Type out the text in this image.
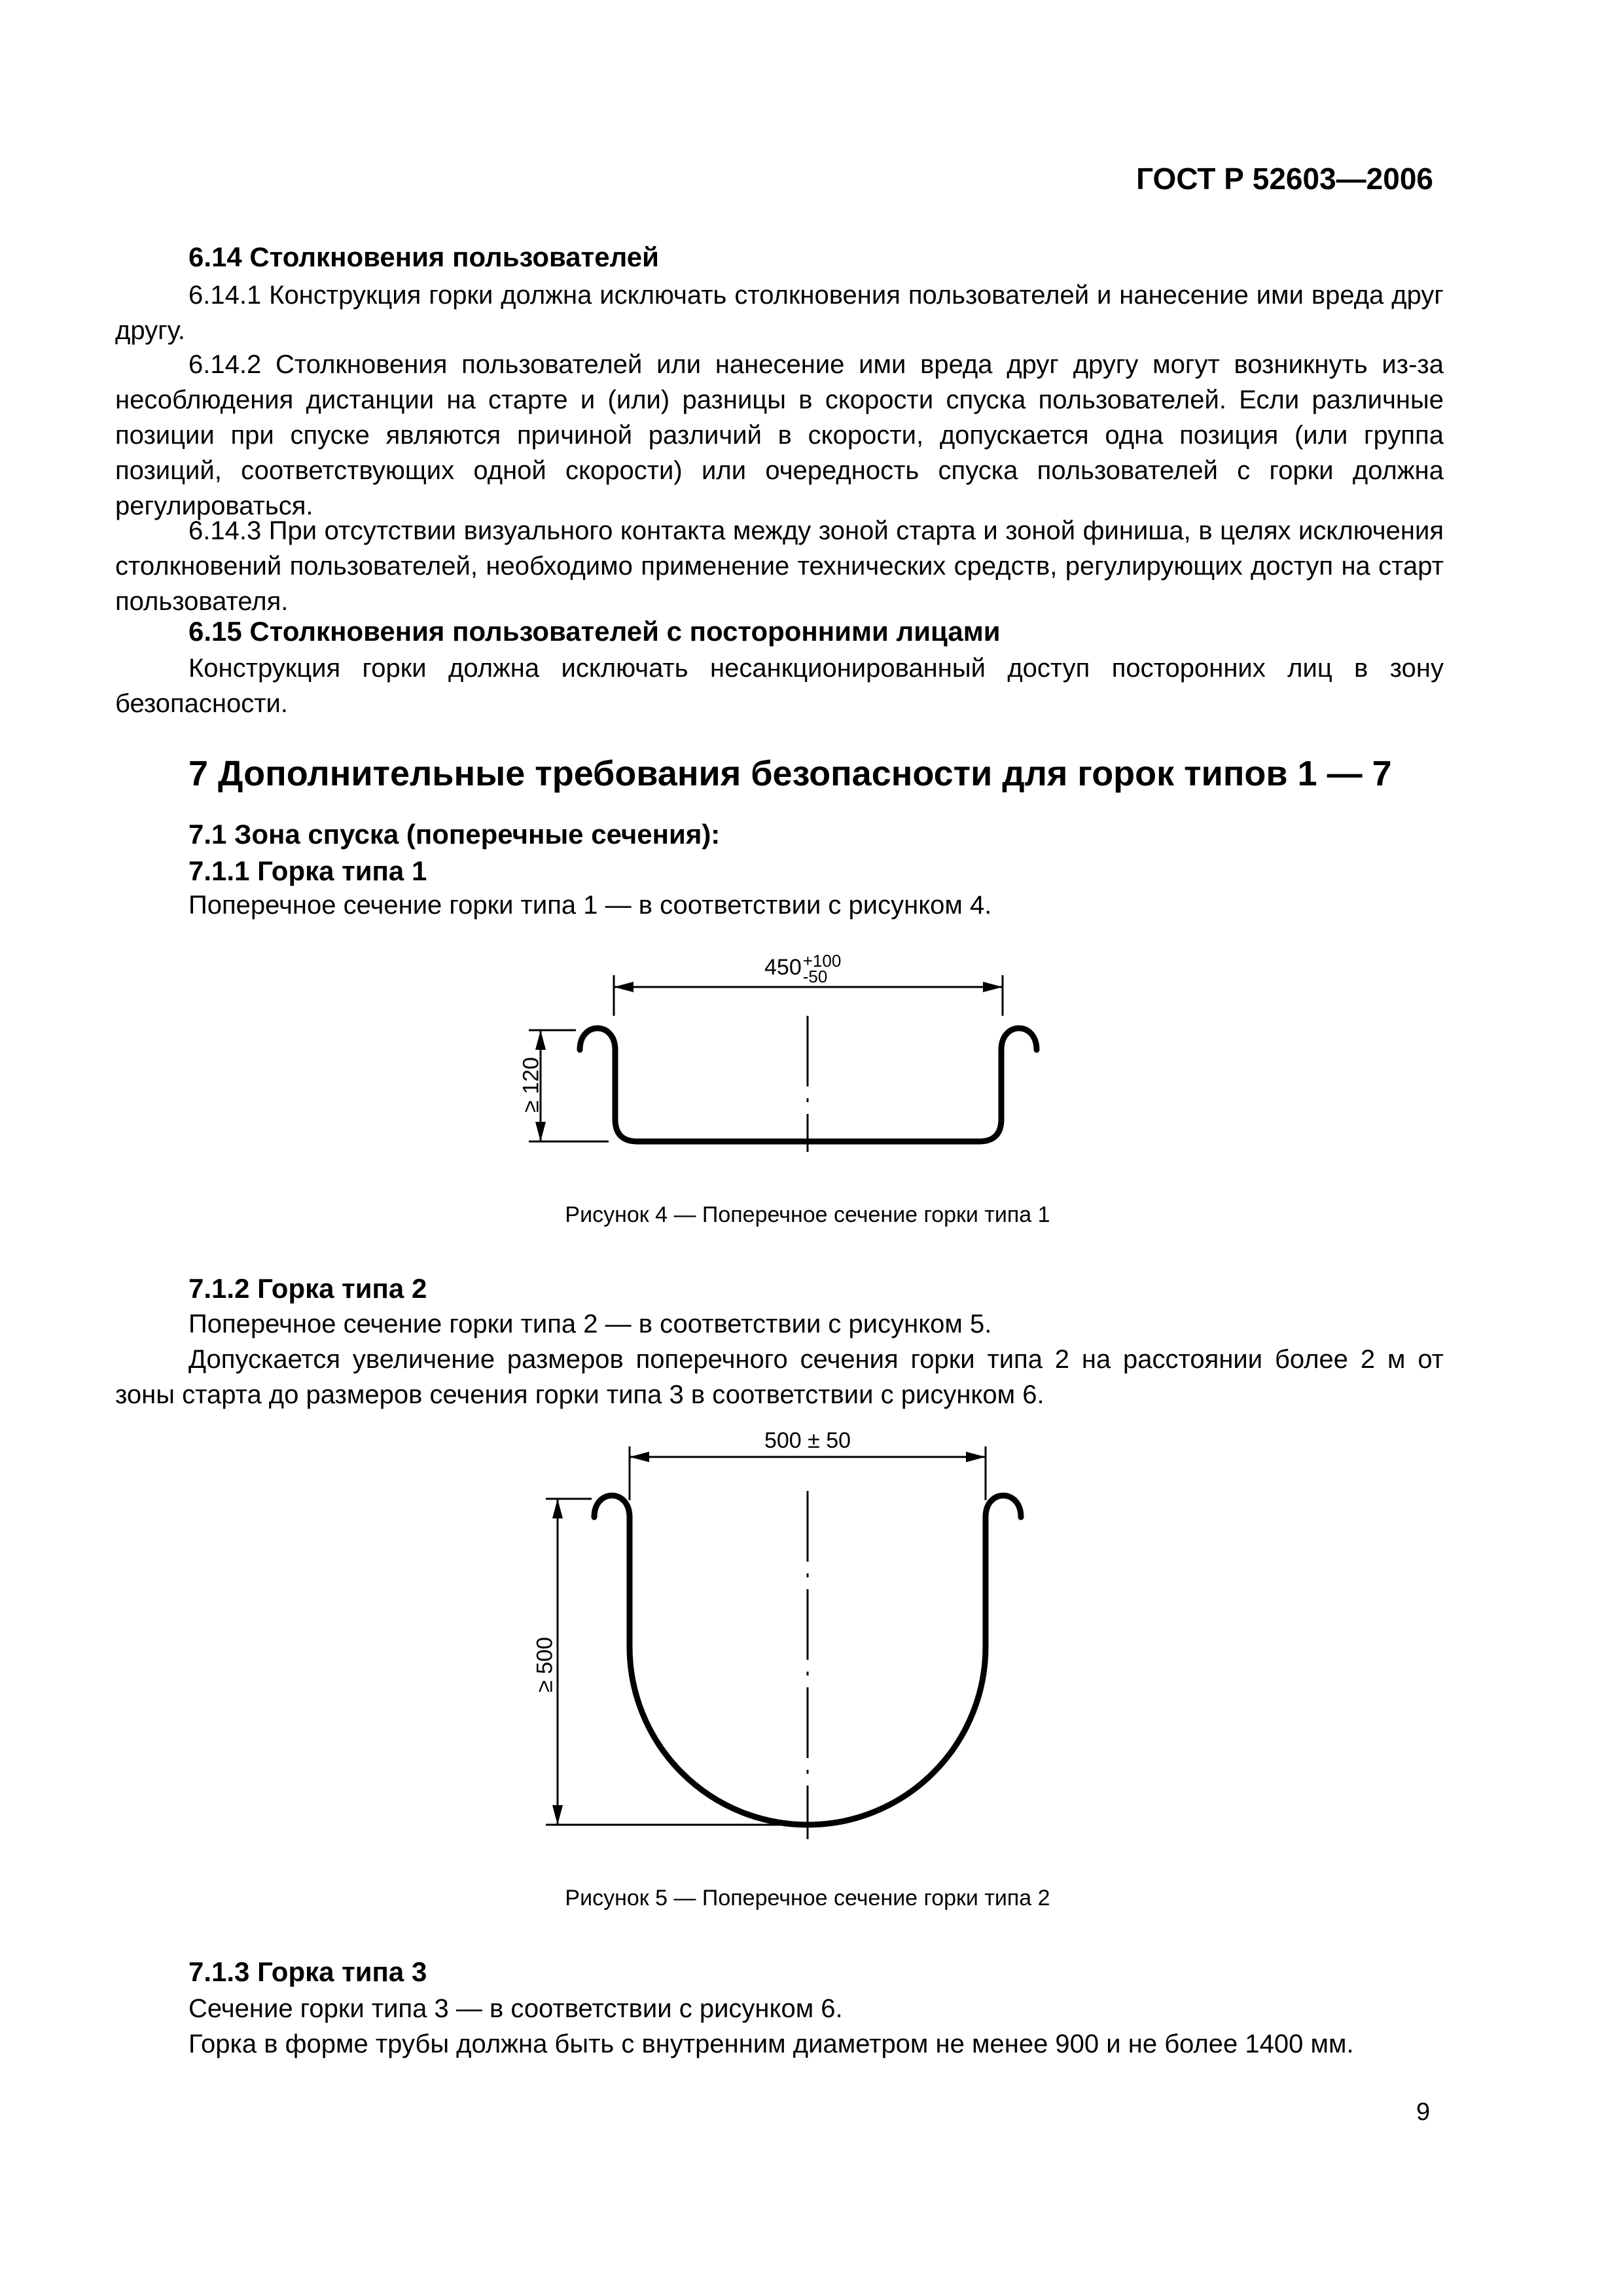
ГОСТ Р 52603—2006
6.14 Столкновения пользователей
6.14.1 Конструкция горки должна исключать столкновения пользователей и нанесение ими вреда друг другу.
6.14.2 Столкновения пользователей или нанесение ими вреда друг другу могут возникнуть из-за несоблюдения дистанции на старте и (или) разницы в скорости спуска пользователей. Если различные позиции при спуске являются причиной различий в скорости, допускается одна позиция (или группа позиций, соответствующих одной скорости) или очередность спуска пользователей с горки должна регулироваться.
6.14.3 При отсутствии визуального контакта между зоной старта и зоной финиша, в целях исключения столкновений пользователей, необходимо применение технических средств, регулирующих доступ на старт пользователя.
6.15 Столкновения пользователей с посторонними лицами
Конструкция горки должна исключать несанкционированный доступ посторонних лиц в зону безопасности.
7 Дополнительные требования безопасности для горок типов 1 — 7
7.1 Зона спуска (поперечные сечения):
7.1.1 Горка типа 1
Поперечное сечение горки типа 1 — в соответствии с рисунком 4.
450 +100
-50
≥ 120
Рисунок 4 — Поперечное сечение горки типа 1
7.1.2 Горка типа 2
Поперечное сечение горки типа 2 — в соответствии с рисунком 5.
Допускается увеличение размеров поперечного сечения горки типа 2 на расстоянии более 2 м от зоны старта до размеров сечения горки типа 3 в соответствии с рисунком 6.
500 ± 50
≥ 500
Рисунок 5 — Поперечное сечение горки типа 2
7.1.3 Горка типа 3
Сечение горки типа 3 — в соответствии с рисунком 6.
Горка в форме трубы должна быть с внутренним диаметром не менее 900 и не более 1400 мм.
9
